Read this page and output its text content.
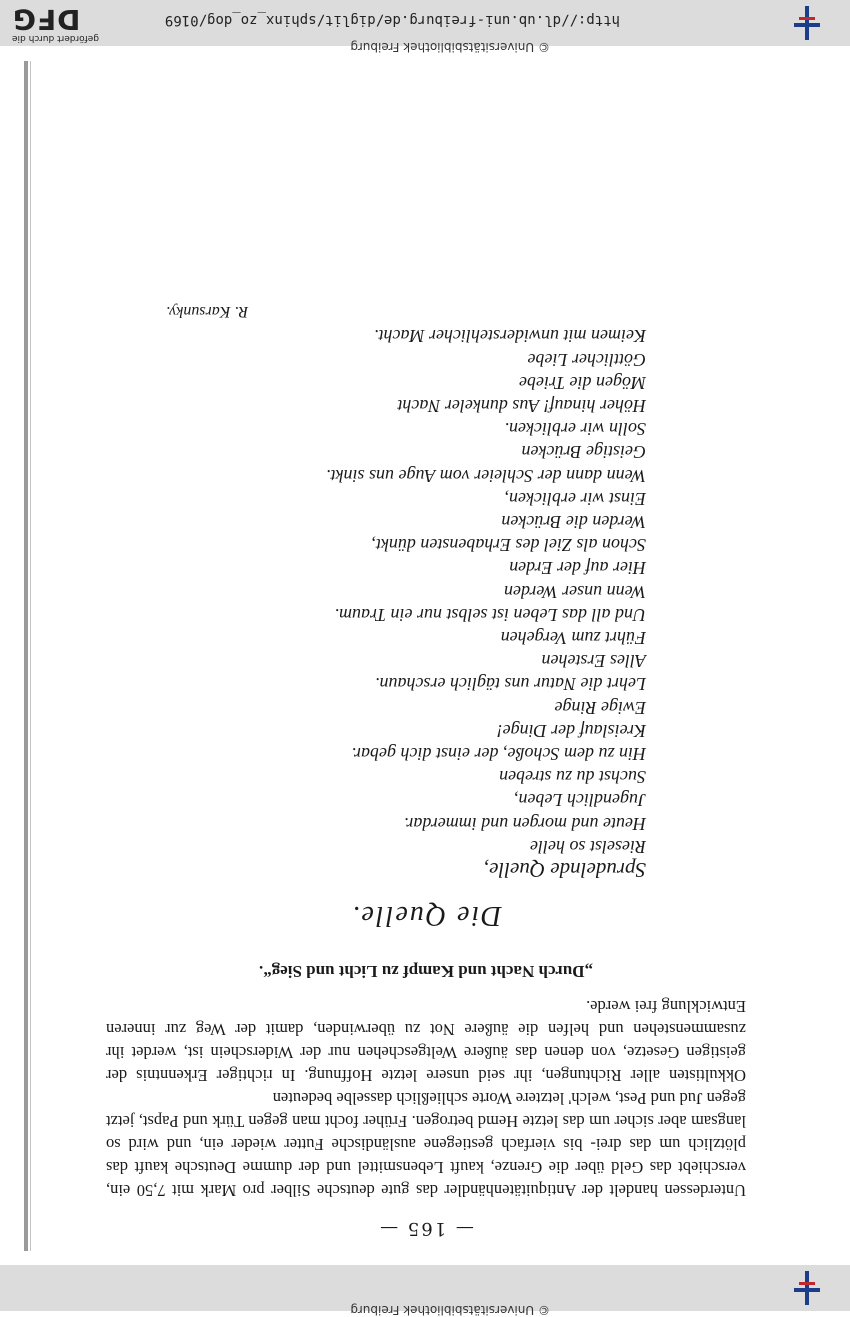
© Universitätsbibliothek Freiburg
© Universitätsbibliothek Freiburg
http://dl.ub.uni-freiburg.de/diglit/sphinx_zo_dog/0169
gefördert durch die
DFG
— 165 —

Unterdessen handelt der Antiquitätenhändler das gute deutsche Silber pro Mark mit 7,50 ein, verschiebt das Geld über die Grenze, kauft Lebensmittel und der dumme Deutsche kauft das plötzlich um das drei- bis vierfach gestiegene ausländische Futter wieder ein, und wird so langsam aber sicher um das letzte Hemd betrogen. Früher focht man gegen Türk und Papst, jetzt gegen Jud und Pest, welch' letztere Worte schließlich dasselbe bedeuten

Okkultisten aller Richtungen, ihr seid unsere letzte Hoffnung. In richtiger Erkenntnis der geistigen Gesetze, von denen das äußere Weltgeschehen nur der Widerschein ist, werdet ihr zusammenstehen und helfen die äußere Not zu überwinden, damit der Weg zur inneren Entwicklung frei werde.

„Durch Nacht und Kampf zu Licht und Sieg“.
Die Quelle.
Sprudelnde Quelle,
Rieselst so helle
Heute und morgen und immerdar.
Jugendlich Leben,
Suchst du zu streben
Hin zu dem Schoße, der einst dich gebar.
Kreislauf der Dinge!
Ewige Ringe
Lehrt die Natur uns täglich erschaun.
Alles Erstehen
Führt zum Vergehen
Und all das Leben ist selbst nur ein Traum.
Wenn unser Werden
Hier auf der Erden
Schon als Ziel des Erhabensten dünkt,
Werden die Brücken
Einst wir erblicken,
Wenn dann der Schleier vom Auge uns sinkt.
Geistige Brücken
Solln wir erblicken.
Höher hinauf! Aus dunkeler Nacht
Mögen die Triebe
Göttlicher Liebe
Keimen mit unwiderstehlicher Macht.
R. Karsunky.
